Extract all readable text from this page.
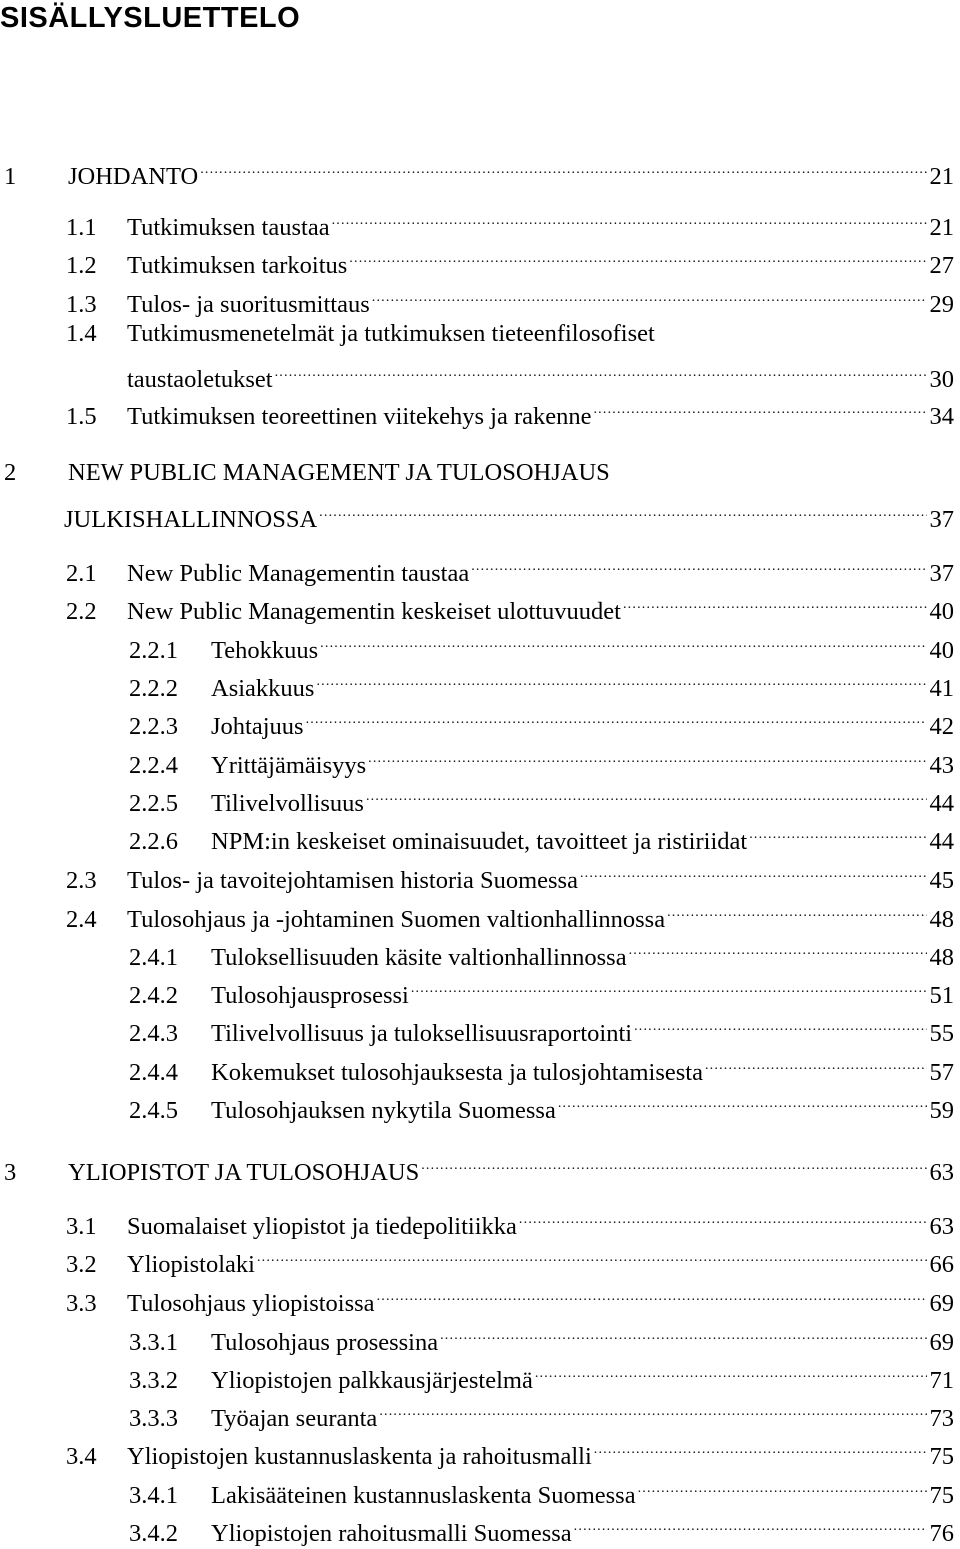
SISÄLLYSLUETTELO
1	JOHDANTO .....	21
1.1	Tutkimuksen taustaa .....	21
1.2	Tutkimuksen tarkoitus .....	27
1.3	Tulos- ja suoritusmittaus .....	29
1.4	Tutkimusmenetelmät ja tutkimuksen tieteenfilosofiset
taustaoletukset .....	30
1.5	Tutkimuksen teoreettinen viitekehys ja rakenne .....	34
2	NEW PUBLIC MANAGEMENT JA TULOSOHJAUS
JULKISHALLINNOSSA .....	37
2.1	New Public Managementin taustaa .....	37
2.2	New Public Managementin keskeiset ulottuvuudet .....	40
2.2.1	Tehokkuus .....	40
2.2.2	Asiakkuus .....	41
2.2.3	Johtajuus .....	42
2.2.4	Yrittäjämäisyys .....	43
2.2.5	Tilivelvollisuus .....	44
2.2.6	NPM:in keskeiset ominaisuudet, tavoitteet ja ristiriidat .....	44
2.3	Tulos- ja tavoitejohtamisen historia Suomessa .....	45
2.4	Tulosohjaus ja -johtaminen Suomen valtionhallinnossa .....	48
2.4.1	Tuloksellisuuden käsite valtionhallinnossa .....	48
2.4.2	Tulosohjausprosessi .....	51
2.4.3	Tilivelvollisuus ja tuloksellisuusraportointi .....	55
2.4.4	Kokemukset tulosohjauksesta ja tulosjohtamisesta .....	57
2.4.5	Tulosohjauksen nykytila Suomessa .....	59
3	YLIOPISTOT JA TULOSOHJAUS .....	63
3.1	Suomalaiset yliopistot ja tiedepolitiikka .....	63
3.2	Yliopistolaki .....	66
3.3	Tulosohjaus yliopistoissa .....	69
3.3.1	Tulosohjaus prosessina .....	69
3.3.2	Yliopistojen palkkausjärjestelmä .....	71
3.3.3	Työajan seuranta .....	73
3.4	Yliopistojen kustannuslaskenta ja rahoitusmalli .....	75
3.4.1	Lakisääteinen kustannuslaskenta Suomessa .....	75
3.4.2	Yliopistojen rahoitusmalli Suomessa .....	76
